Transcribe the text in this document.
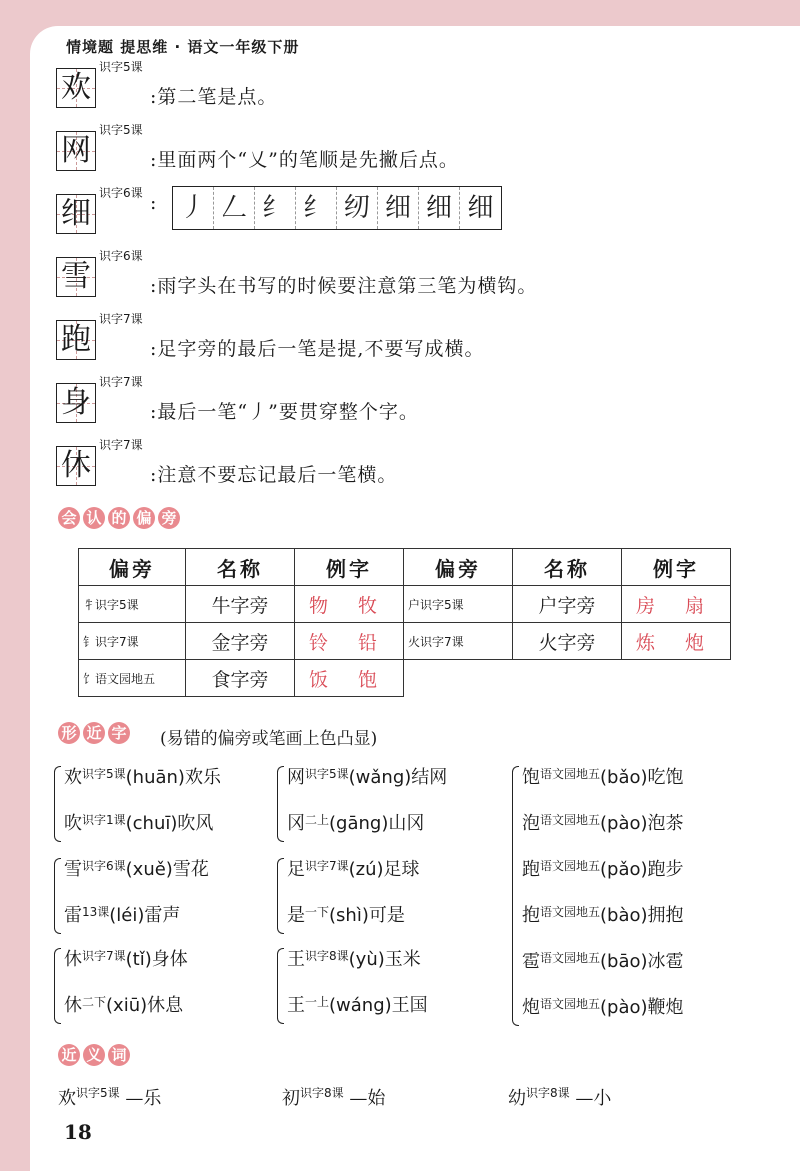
情境题 提思维 · 语文一年级下册
欢
识字5课
:第二笔是点。
网
识字5课
:里面两个“乂”的笔顺是先撇后点。
细
识字6课 :
雪
识字6课
:雨字头在书写的时候要注意第三笔为横钩。
跑
识字7课
:足字旁的最后一笔是提,不要写成横。
身
识字7课
:最后一笔“丿”要贯穿整个字。
休
识字7课
:注意不要忘记最后一笔横。
丿 𠃋 纟 纟 纫 细 细 细
会 认 的 偏 旁
偏旁	名称	例字	偏旁	名称	例字
牜识字5课	牛字旁	物 牧	户识字5课	户字旁	房 扇
钅识字7课	金字旁	铃 铅	火识字7课	火字旁	炼 炮
饣语文园地五	食字旁	饭 饱			
形 近 字 (易错的偏旁或笔画上色凸显)
欢$^{识字5课}$(huān)欢乐
吹$^{识字1课}$(chuī)吹风
网$^{识字5课}$(wǎng)结网
冈$^{二上}$(gāng)山冈
饱$^{语文园地五}$(bǎo)吃饱
泡$^{语文园地五}$(pào)泡茶
跑$^{语文园地五}$(pǎo)跑步
抱$^{语文园地五}$(bào)拥抱
雹$^{语文园地五}$(bāo)冰雹
炮$^{语文园地五}$(pào)鞭炮
雪$^{识字6课}$(xuě)雪花
雷$^{13课}$(léi)雷声
足$^{识字7课}$(zú)足球
是$^{一下}$(shì)可是
休$^{识字7课}$(tǐ)身体
休$^{二下}$(xiū)休息
王$^{识字8课}$(yù)玉米
王$^{一上}$(wáng)王国
近 义 词
欢$^{识字5课}$ —乐	初$^{识字8课}$ —始	幼$^{识字8课}$ —小
18
